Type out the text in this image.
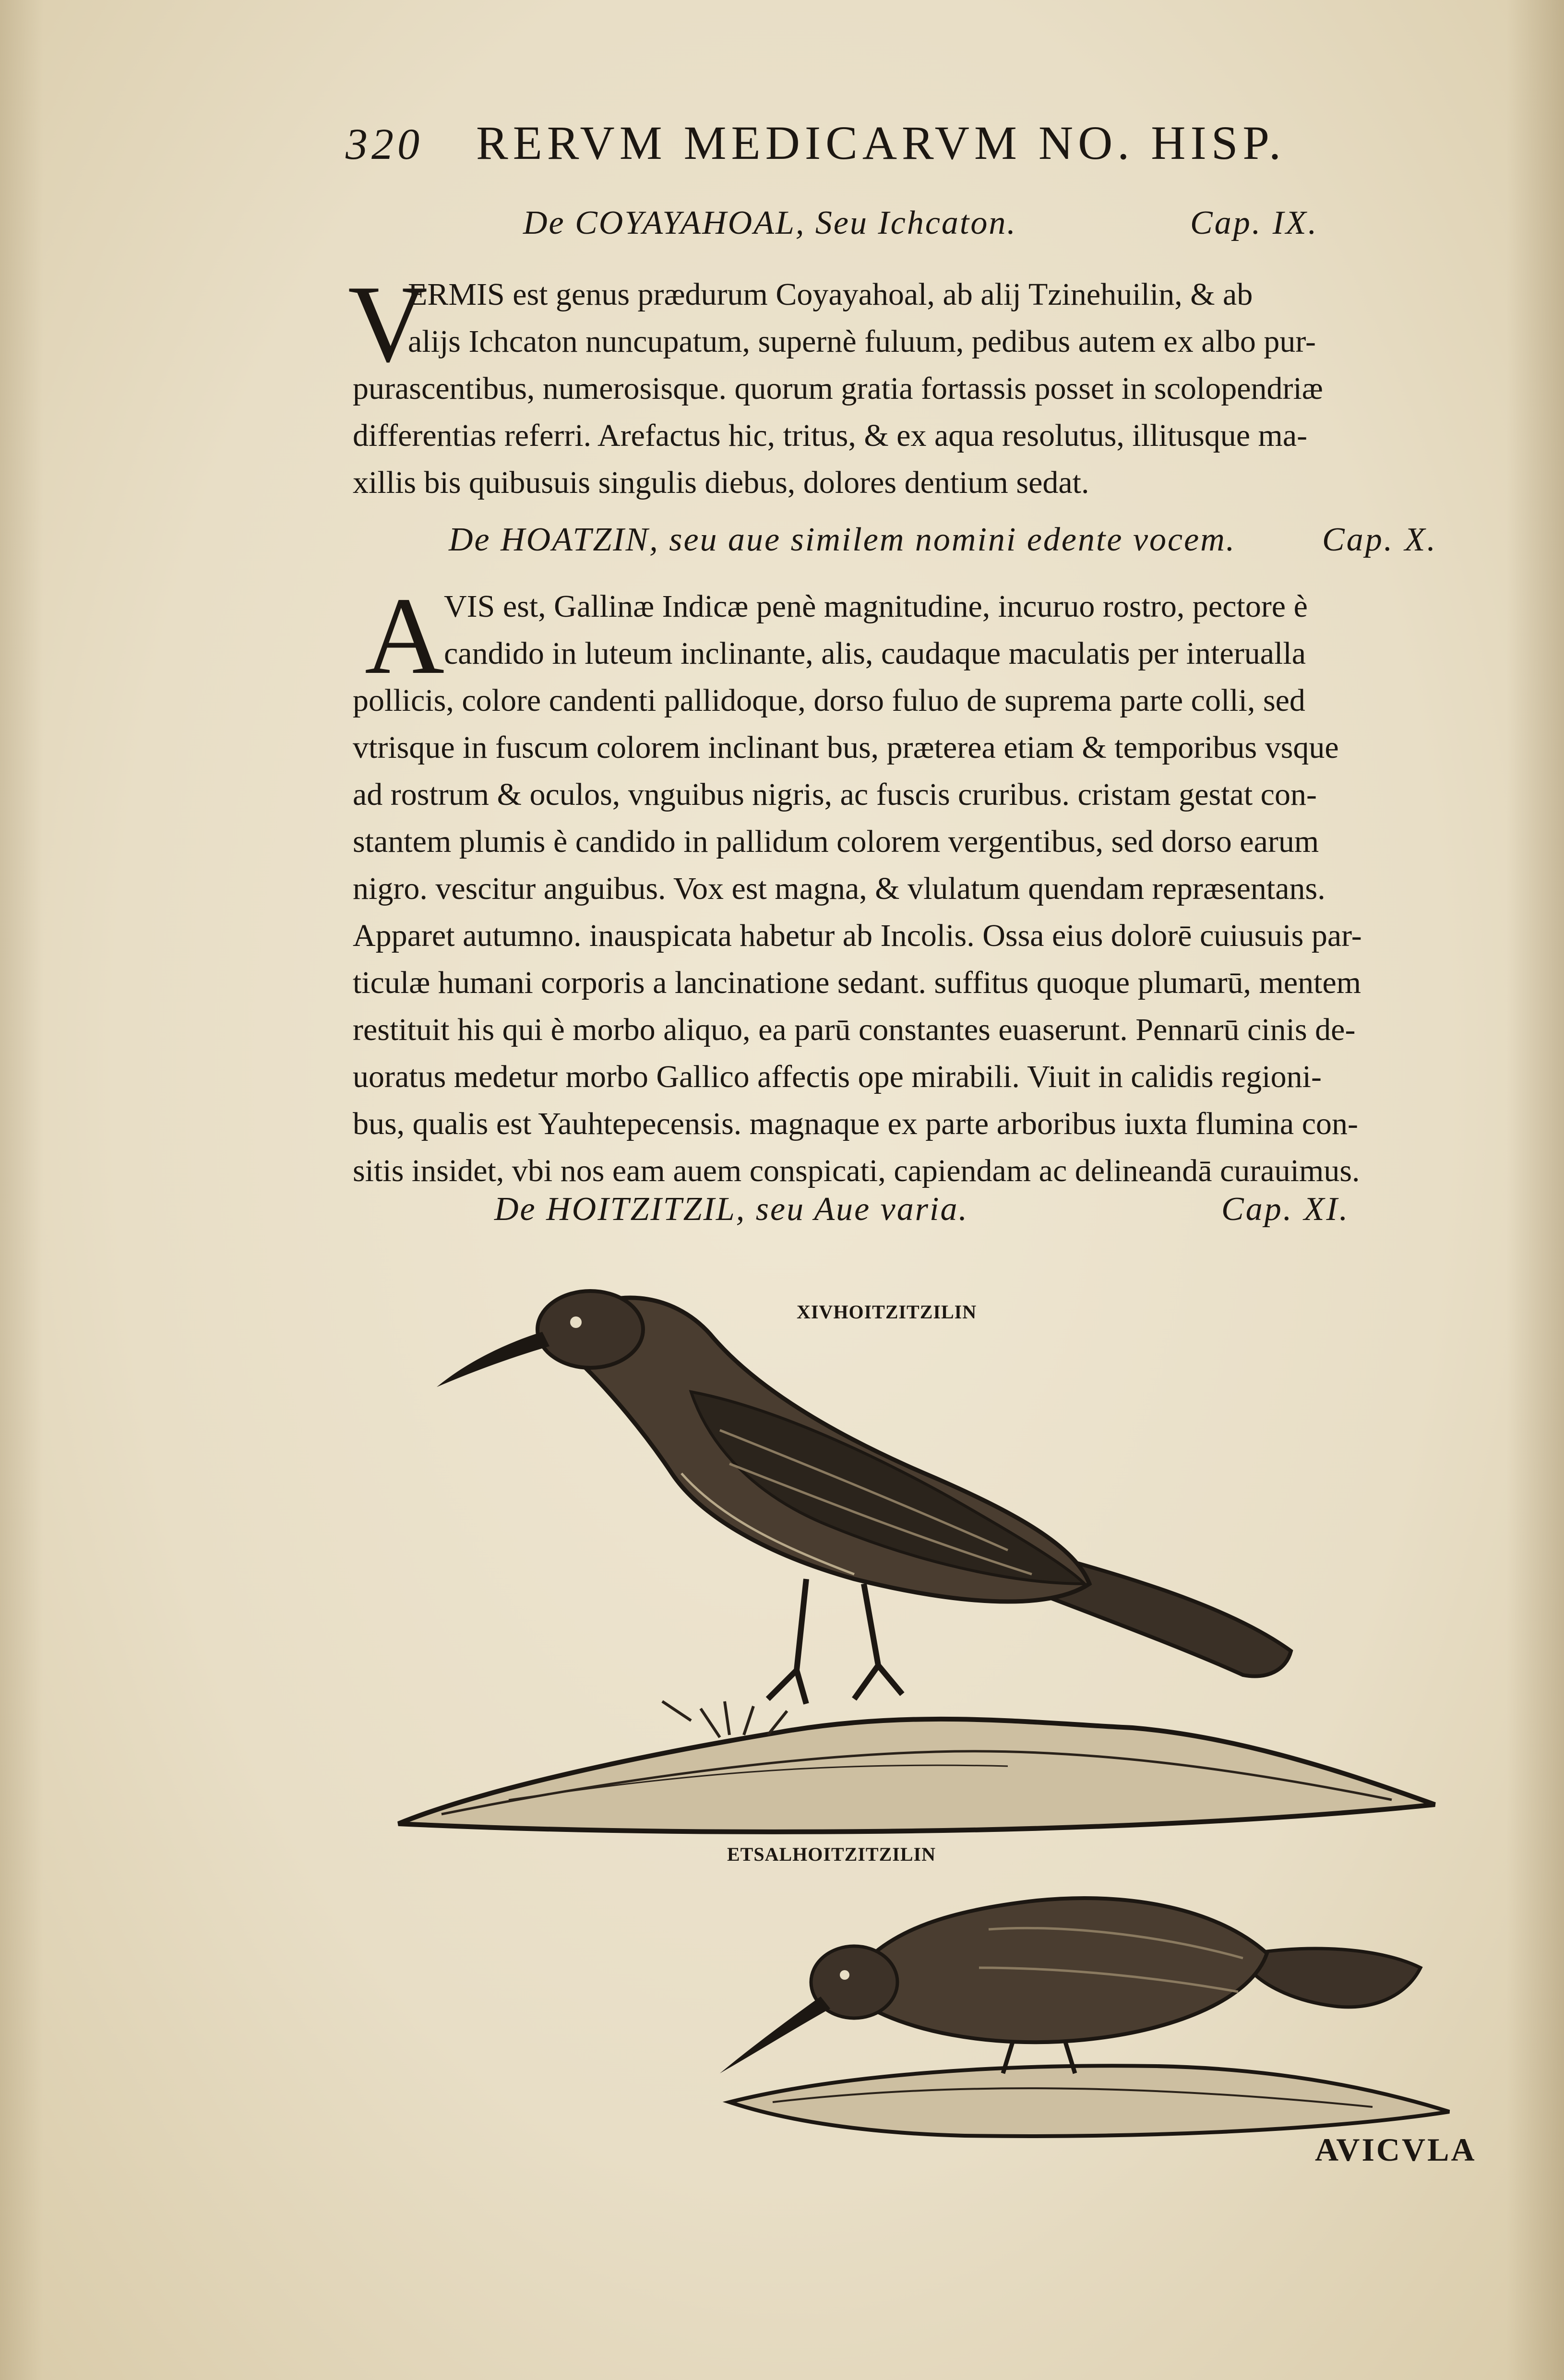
320 RERVM MEDICARVM NO. HISP.
De COYAYAHOAL, Seu Ichcaton.	Cap. IX.
V
ERMIS est genus prædurum Coyayahoal, ab alij Tzinehuilin, & ab
alijs Ichcaton nuncupatum, supernè fuluum, pedibus autem ex albo pur-
purascentibus, numerosisque. quorum gratia fortassis posset in scolopendriæ
differentias referri. Arefactus hic, tritus, & ex aqua resolutus, illitusque ma-
xillis bis quibusuis singulis diebus, dolores dentium sedat.
De HOATZIN, seu aue similem nomini edente vocem.	Cap. X.
A
VIS est, Gallinæ Indicæ penè magnitudine, incuruo rostro, pectore è
candido in luteum inclinante, alis, caudaque maculatis per interualla
pollicis, colore candenti pallidoque, dorso fuluo de suprema parte colli, sed
vtrisque in fuscum colorem inclinant bus, præterea etiam & temporibus vsque
ad rostrum & oculos, vnguibus nigris, ac fuscis cruribus. cristam gestat con-
stantem plumis è candido in pallidum colorem vergentibus, sed dorso earum
nigro. vescitur anguibus. Vox est magna, & vlulatum quendam repræsentans.
Apparet autumno. inauspicata habetur ab Incolis. Ossa eius dolorē cuiusuis par-
ticulæ humani corporis a lancinatione sedant. suffitus quoque plumarū, mentem
restituit his qui è morbo aliquo, ea parū constantes euaserunt. Pennarū cinis de-
uoratus medetur morbo Gallico affectis ope mirabili. Viuit in calidis regioni-
bus, qualis est Yauhtepecensis. magnaque ex parte arboribus iuxta flumina con-
sitis insidet, vbi nos eam auem conspicati, capiendam ac delineandā curauimus.
De HOITZITZIL, seu Aue varia.	Cap. XI.
XIVHOITZITZILIN
ETSALHOITZITZILIN
AVICVLA
